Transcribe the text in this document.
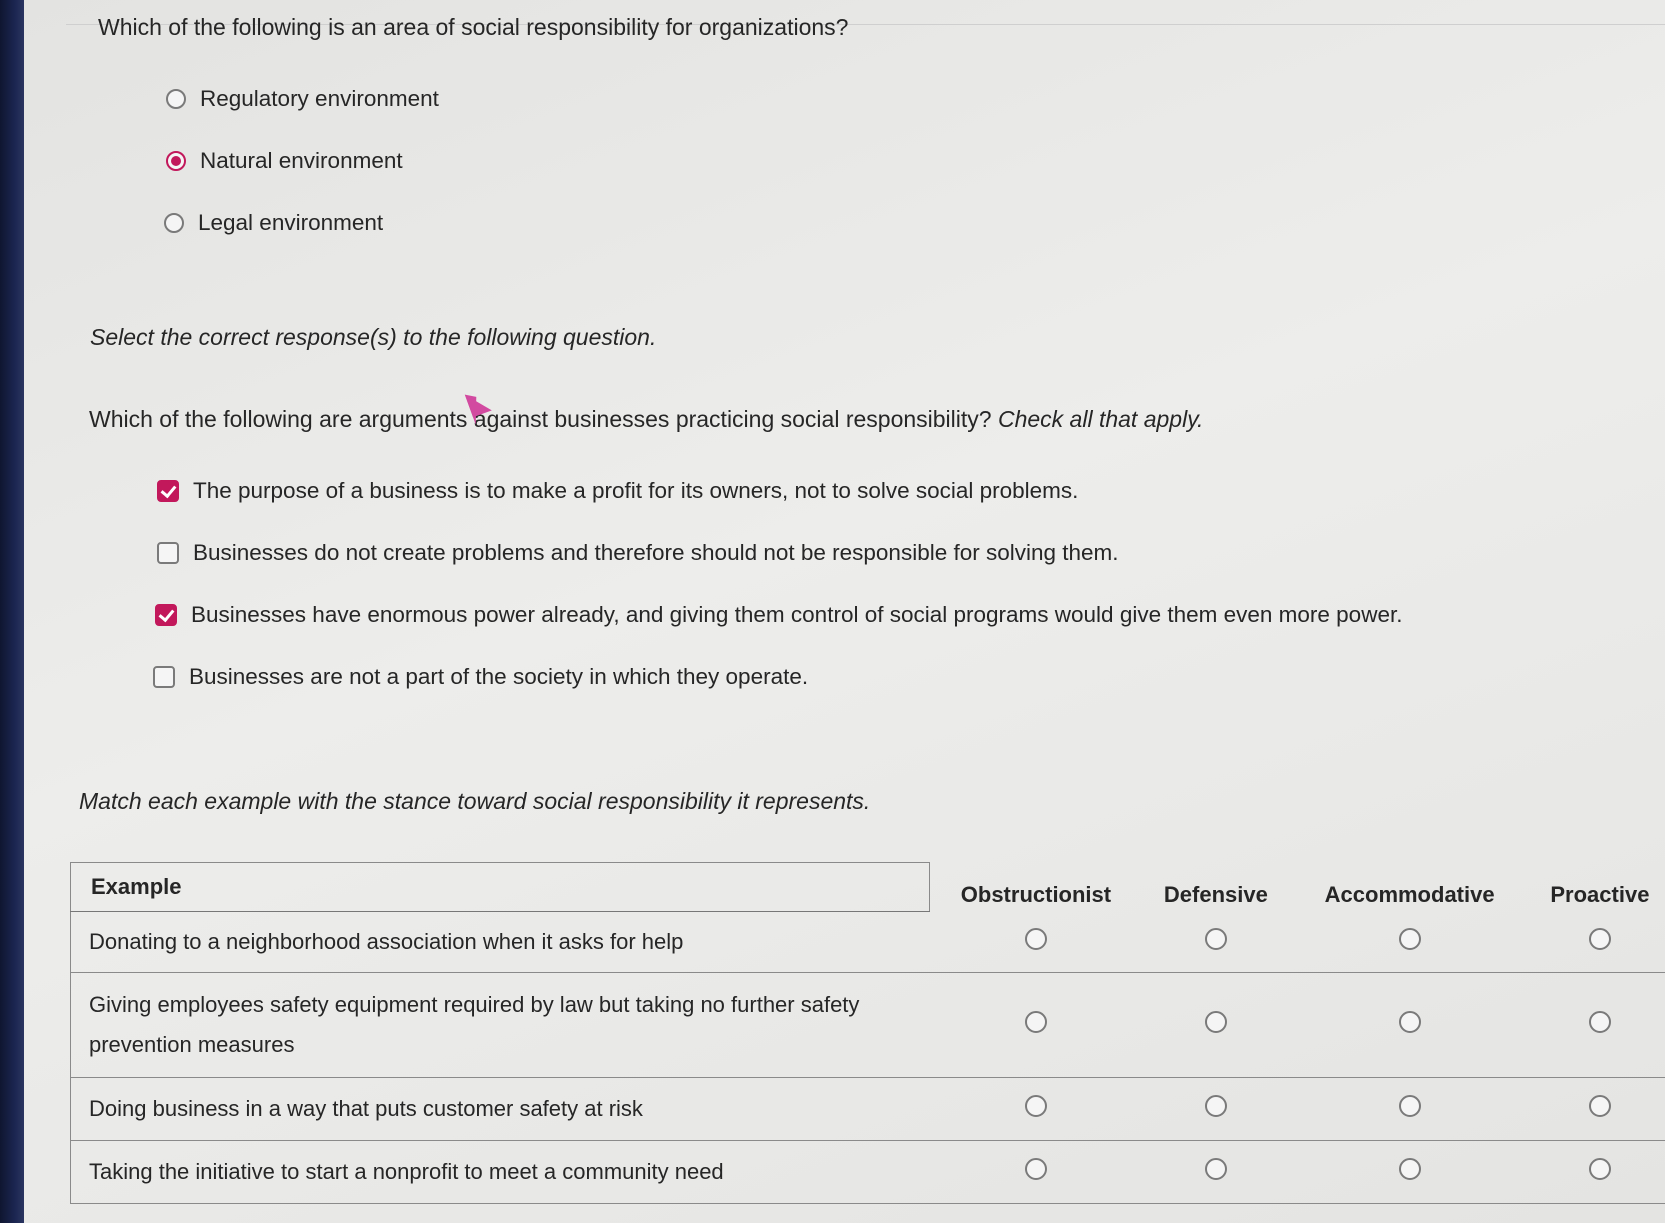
Which of the following is an area of social responsibility for organizations?
Regulatory environment
Natural environment
Legal environment
Select the correct response(s) to the following question.
Which of the following are arguments against businesses practicing social responsibility? Check all that apply.
The purpose of a business is to make a profit for its owners, not to solve social problems.
Businesses do not create problems and therefore should not be responsible for solving them.
Businesses have enormous power already, and giving them control of social programs would give them even more power.
Businesses are not a part of the society in which they operate.
Match each example with the stance toward social responsibility it represents.
Example	Obstructionist	Defensive	Accommodative	Proactive
Donating to a neighborhood association when it asks for help				
Giving employees safety equipment required by law but taking no further safety prevention measures				
Doing business in a way that puts customer safety at risk				
Taking the initiative to start a nonprofit to meet a community need				
